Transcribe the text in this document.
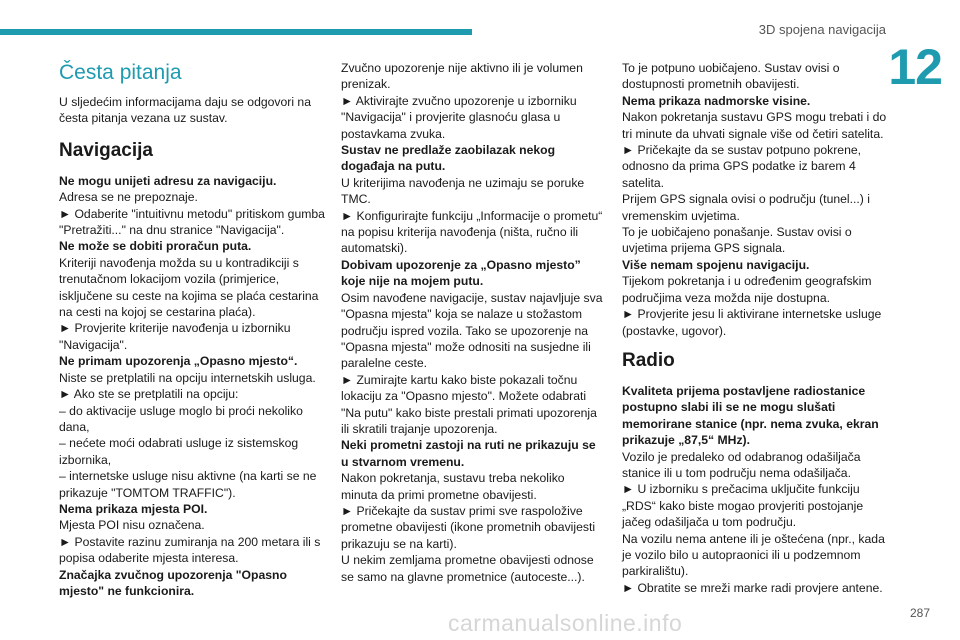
3D spojena navigacija
12
Česta pitanja

U sljedećim informacijama daju se odgovori na česta pitanja vezana uz sustav.

Navigacija

Ne mogu unijeti adresu za navigaciju.

Adresa se ne prepoznaje.

► Odaberite "intuitivnu metodu" pritiskom gumba "Pretražiti..." na dnu stranice "Navigacija".

Ne može se dobiti proračun puta.

Kriteriji navođenja možda su u kontradikciji s trenutačnom lokacijom vozila (primjerice, isključene su ceste na kojima se plaća cestarina na cesti na kojoj se cestarina plaća).

► Provjerite kriterije navođenja u izborniku "Navigacija".

Ne primam upozorenja „Opasno mjesto“.

Niste se pretplatili na opciju internetskih usluga.

► Ako ste se pretplatili na opciju:

– do aktivacije usluge moglo bi proći nekoliko dana,

– nećete moći odabrati usluge iz sistemskog izbornika,

– internetske usluge nisu aktivne (na karti se ne prikazuje "TOMTOM TRAFFIC").

Nema prikaza mjesta POI.

Mjesta POI nisu označena.

► Postavite razinu zumiranja na 200 metara ili s popisa odaberite mjesta interesa.

Značajka zvučnog upozorenja "Opasno mjesto" ne funkcionira.

Zvučno upozorenje nije aktivno ili je volumen prenizak.

► Aktivirajte zvučno upozorenje u izborniku "Navigacija" i provjerite glasnoću glasa u postavkama zvuka.

Sustav ne predlaže zaobilazak nekog događaja na putu.

U kriterijima navođenja ne uzimaju se poruke TMC.

► Konfigurirajte funkciju „Informacije o prometu“ na popisu kriterija navođenja (ništa, ručno ili automatski).

Dobivam upozorenje za „Opasno mjesto” koje nije na mojem putu.

Osim navođene navigacije, sustav najavljuje sva "Opasna mjesta" koja se nalaze u stožastom području ispred vozila. Tako se upozorenje na "Opasna mjesta" može odnositi na susjedne ili paralelne ceste.

► Zumirajte kartu kako biste pokazali točnu lokaciju za "Opasno mjesto". Možete odabrati "Na putu" kako biste prestali primati upozorenja ili skratili trajanje upozorenja.

Neki prometni zastoji na ruti ne prikazuju se u stvarnom vremenu.

Nakon pokretanja, sustavu treba nekoliko minuta da primi prometne obavijesti.

► Pričekajte da sustav primi sve raspoložive prometne obavijesti (ikone prometnih obavijesti prikazuju se na karti).

U nekim zemljama prometne obavijesti odnose se samo na glavne prometnice (autoceste...).

To je potpuno uobičajeno. Sustav ovisi o dostupnosti prometnih obavijesti.

Nema prikaza nadmorske visine.

Nakon pokretanja sustavu GPS mogu trebati i do tri minute da uhvati signale više od četiri satelita.

► Pričekajte da se sustav potpuno pokrene, odnosno da prima GPS podatke iz barem 4 satelita.

Prijem GPS signala ovisi o području (tunel...) i vremenskim uvjetima.

To je uobičajeno ponašanje. Sustav ovisi o uvjetima prijema GPS signala.

Više nemam spojenu navigaciju.

Tijekom pokretanja i u određenim geografskim područjima veza možda nije dostupna.

► Provjerite jesu li aktivirane internetske usluge (postavke, ugovor).

Radio

Kvaliteta prijema postavljene radiostanice postupno slabi ili se ne mogu slušati memorirane stanice (npr. nema zvuka, ekran prikazuje „87,5“ MHz).

Vozilo je predaleko od odabranog odašiljača stanice ili u tom području nema odašiljača.

► U izborniku s prečacima uključite funkciju „RDS“ kako biste mogao provjeriti postojanje jačeg odašiljača u tom području.

Na vozilu nema antene ili je oštećena (npr., kada je vozilo bilo u autopraonici ili u podzemnom parkiralištu).

► Obratite se mreži marke radi provjere antene.

287
carmanualsonline.info
